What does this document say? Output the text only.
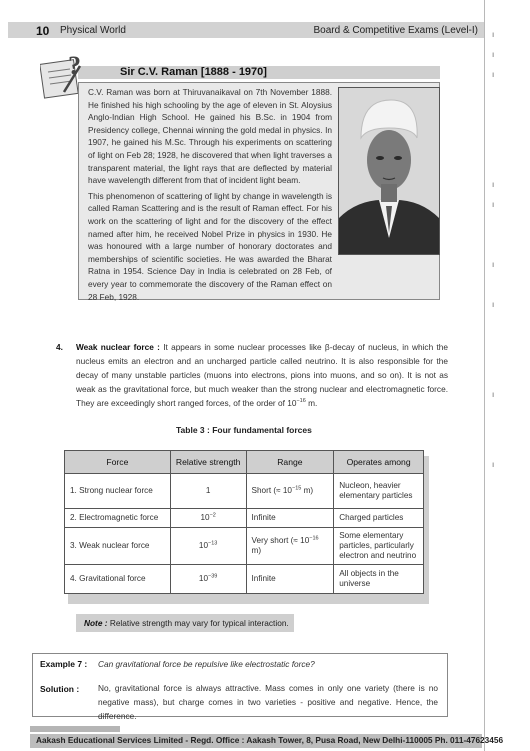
10 Physical World	Board & Competitive Exams (Level-I) ı
ı
ı
ı
ı
ı
ı
ı
ı
?	Sir C.V. Raman [1888 - 1970]

C.V. Raman was born at Thiruvanaikaval on 7th November 1888. He finished his high schooling by the age of eleven in St. Aloysius Anglo-Indian High School. He gained his B.Sc. in 1904 from Presidency college, Chennai winning the gold medal in physics. In 1907, he gained his M.Sc. Through his experiments on scattering of light on Feb 28; 1928, he discovered that when light traverses a transparent material, the light rays that are deflected by material have wavelength different from that of incident light beam.

This phenomenon of scattering of light by change in wavelength is called Raman Scattering and is the result of Raman effect. For his work on the scattering of light and for the discovery of the effect named after him, he received Nobel Prize in physics in 1930. He was honoured with a large number of honorary doctorates and memberships of scientific societies. He was awarded the Bharat Ratna in 1954. Science Day in India is celebrated on 28 Feb, of every year to commemorate the discovery of the Raman effect on 28 Feb, 1928.

4. Weak nuclear force : It appears in some nuclear processes like β-decay of nucleus, in which the nucleus emits an electron and an uncharged particle called neutrino. It is also responsible for the decay of many unstable particles (muons into electrons, pions into muons, and so on). It is not as weak as the gravitational force, but much weaker than the strong nuclear and electromagnetic force. They are exceedingly short ranged forces, of the order of $10^{-16}$ m.
Table 3 : Four fundamental forces
Force	Relative strength	Range	Operates among
1. Strong nuclear force	1	Short (≈ $10^{-15}$ m)	Nucleon, heavier elementary particles
2. Electromagnetic force	$10^{-2}$	Infinite	Charged particles
3. Weak nuclear force	$10^{-13}$	Very short (≈ $10^{-16}$ m)	Some elementary particles, particularly electron and neutrino
4. Gravitational force	$10^{-39}$	Infinite	All objects in the universe
Note : Relative strength may vary for typical interaction.
Example 7 : Can gravitational force be repulsive like electrostatic force?
Solution : No, gravitational force is always attractive. Mass comes in only one variety (there is no negative mass), but charge comes in two varieties - positive and negative. Hence, the difference.
Aakash Educational Services Limited - Regd. Office : Aakash Tower, 8, Pusa Road, New Delhi-110005 Ph. 011-47623456
